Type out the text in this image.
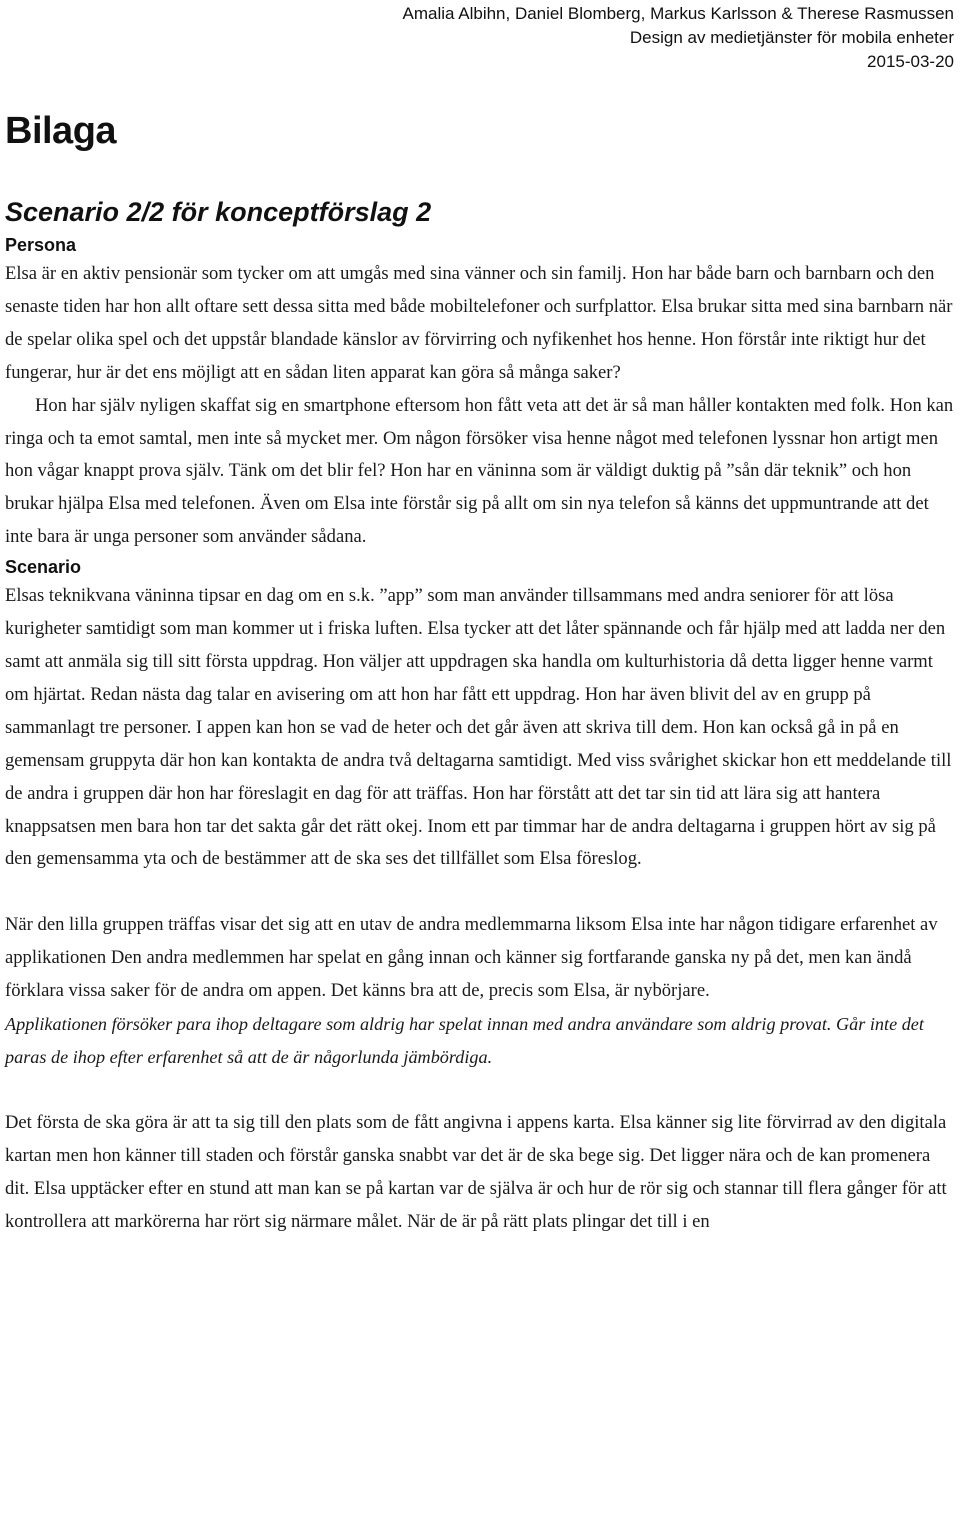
Amalia Albihn, Daniel Blomberg, Markus Karlsson & Therese Rasmussen
Design av medietjänster för mobila enheter
2015-03-20
Bilaga
Scenario 2/2 för konceptförslag 2
Persona

Elsa är en aktiv pensionär som tycker om att umgås med sina vänner och sin familj. Hon har både barn och barnbarn och den senaste tiden har hon allt oftare sett dessa sitta med både mobiltelefoner och surfplattor. Elsa brukar sitta med sina barnbarn när de spelar olika spel och det uppstår blandade känslor av förvirring och nyfikenhet hos henne. Hon förstår inte riktigt hur det fungerar, hur är det ens möjligt att en sådan liten apparat kan göra så många saker?

Hon har själv nyligen skaffat sig en smartphone eftersom hon fått veta att det är så man håller kontakten med folk. Hon kan ringa och ta emot samtal, men inte så mycket mer. Om någon försöker visa henne något med telefonen lyssnar hon artigt men hon vågar knappt prova själv. Tänk om det blir fel? Hon har en väninna som är väldigt duktig på ”sån där teknik” och hon brukar hjälpa Elsa med telefonen. Även om Elsa inte förstår sig på allt om sin nya telefon så känns det uppmuntrande att det inte bara är unga personer som använder sådana.

Scenario

Elsas teknikvana väninna tipsar en dag om en s.k. ”app” som man använder tillsammans med andra seniorer för att lösa kurigheter samtidigt som man kommer ut i friska luften. Elsa tycker att det låter spännande och får hjälp med att ladda ner den samt att anmäla sig till sitt första uppdrag. Hon väljer att uppdragen ska handla om kulturhistoria då detta ligger henne varmt om hjärtat. Redan nästa dag talar en avisering om att hon har fått ett uppdrag. Hon har även blivit del av en grupp på sammanlagt tre personer. I appen kan hon se vad de heter och det går även att skriva till dem. Hon kan också gå in på en gemensam gruppyta där hon kan kontakta de andra två deltagarna samtidigt. Med viss svårighet skickar hon ett meddelande till de andra i gruppen där hon har föreslagit en dag för att träffas. Hon har förstått att det tar sin tid att lära sig att hantera knappsatsen men bara hon tar det sakta går det rätt okej. Inom ett par timmar har de andra deltagarna i gruppen hört av sig på den gemensamma yta och de bestämmer att de ska ses det tillfället som Elsa föreslog.

När den lilla gruppen träffas visar det sig att en utav de andra medlemmarna liksom Elsa inte har någon tidigare erfarenhet av applikationen Den andra medlemmen har spelat en gång innan och känner sig fortfarande ganska ny på det, men kan ändå förklara vissa saker för de andra om appen. Det känns bra att de, precis som Elsa, är nybörjare.

Applikationen försöker para ihop deltagare som aldrig har spelat innan med andra användare som aldrig provat. Går inte det paras de ihop efter erfarenhet så att de är någorlunda jämbördiga.

Det första de ska göra är att ta sig till den plats som de fått angivna i appens karta. Elsa känner sig lite förvirrad av den digitala kartan men hon känner till staden och förstår ganska snabbt var det är de ska bege sig. Det ligger nära och de kan promenera dit. Elsa upptäcker efter en stund att man kan se på kartan var de själva är och hur de rör sig och stannar till flera gånger för att kontrollera att markörerna har rört sig närmare målet. När de är på rätt plats plingar det till i en
